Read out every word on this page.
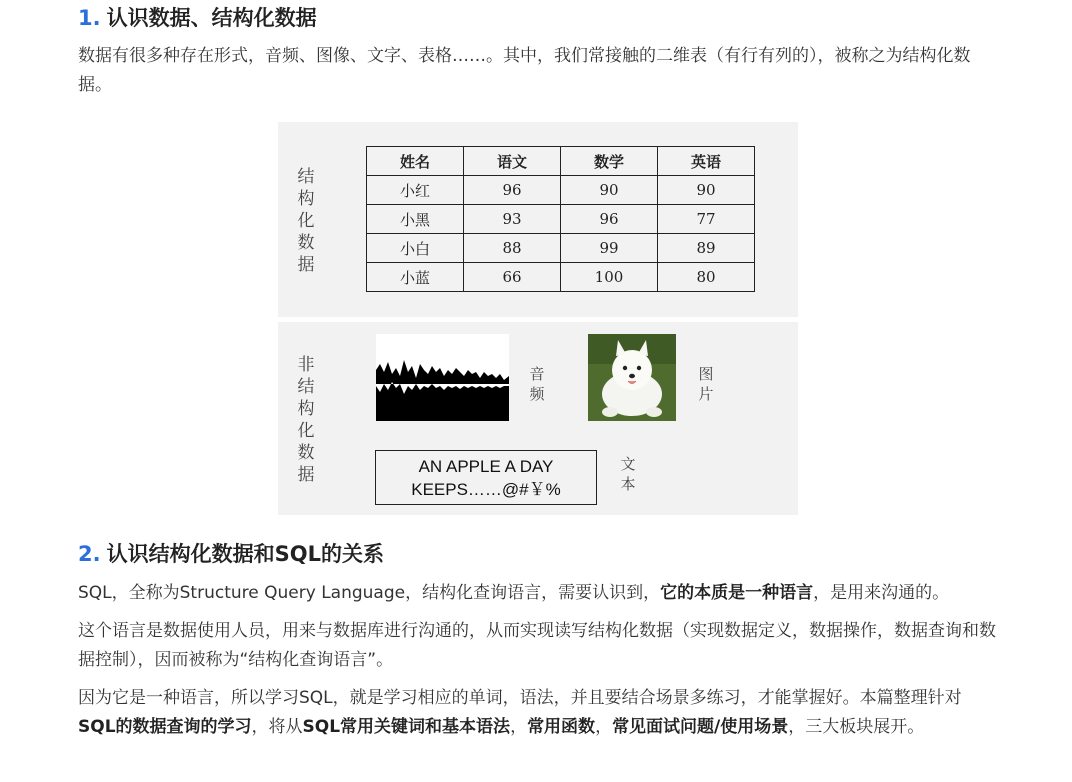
1. 认识数据、结构化数据

数据有很多种存在形式，音频、图像、文字、表格……。其中，我们常接触的二维表（有行有列的），被称之为结构化数据。

2. 认识结构化数据和SQL的关系

SQL，全称为Structure Query Language，结构化查询语言，需要认识到，它的本质是一种语言，是用来沟通的。

这个语言是数据使用人员，用来与数据库进行沟通的，从而实现读写结构化数据（实现数据定义，数据操作，数据查询和数据控制），因而被称为“结构化查询语言”。

因为它是一种语言，所以学习SQL，就是学习相应的单词，语法，并且要结合场景多练习，才能掌握好。本篇整理针对SQL的数据查询的学习，将从SQL常用关键词和基本语法，常用函数，常见面试问题/使用场景，三大板块展开。

结
构
化
数
据
姓名	语文	数学	英语
小红	96	90	90
小黑	93	96	77
小白	88	99	89
小蓝	66	100	80
非
结
构
化
数
据
音
频
图
片
AN APPLE A DAY
KEEPS……@#￥%
文
本
